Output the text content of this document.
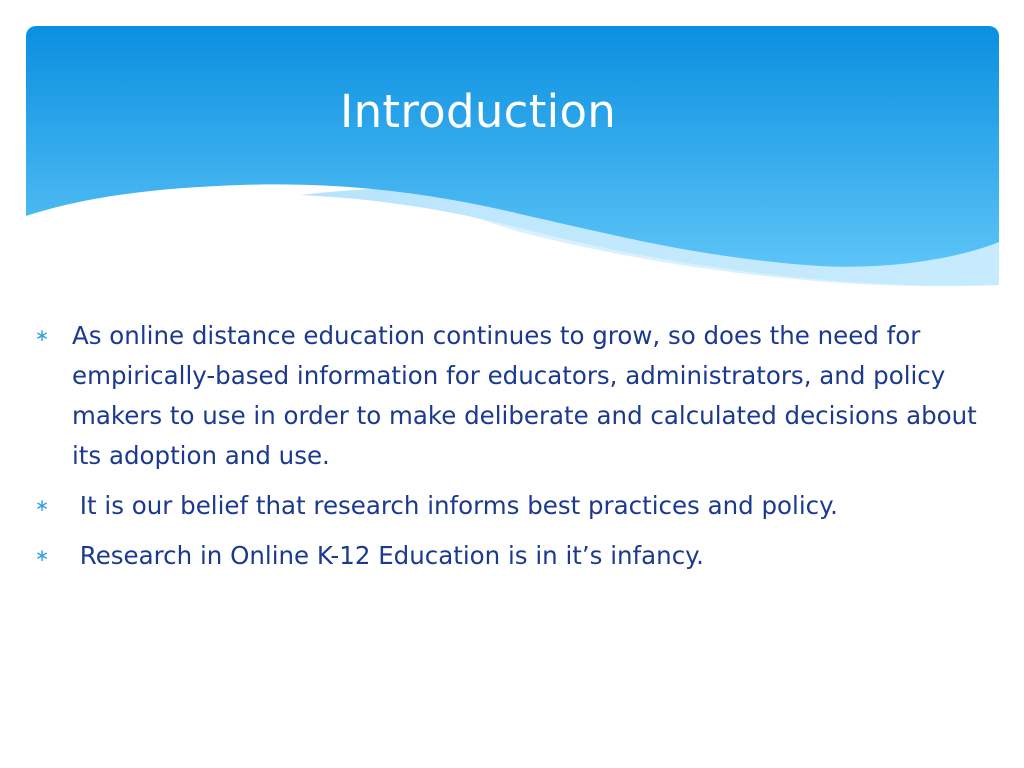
Introduction
∗ As online distance education continues to grow, so does the need for empirically-based information for educators, administrators, and policy makers to use in order to make deliberate and calculated decisions about its adoption and use.
∗ It is our belief that research informs best practices and policy.
∗ Research in Online K-12 Education is in it’s infancy.
